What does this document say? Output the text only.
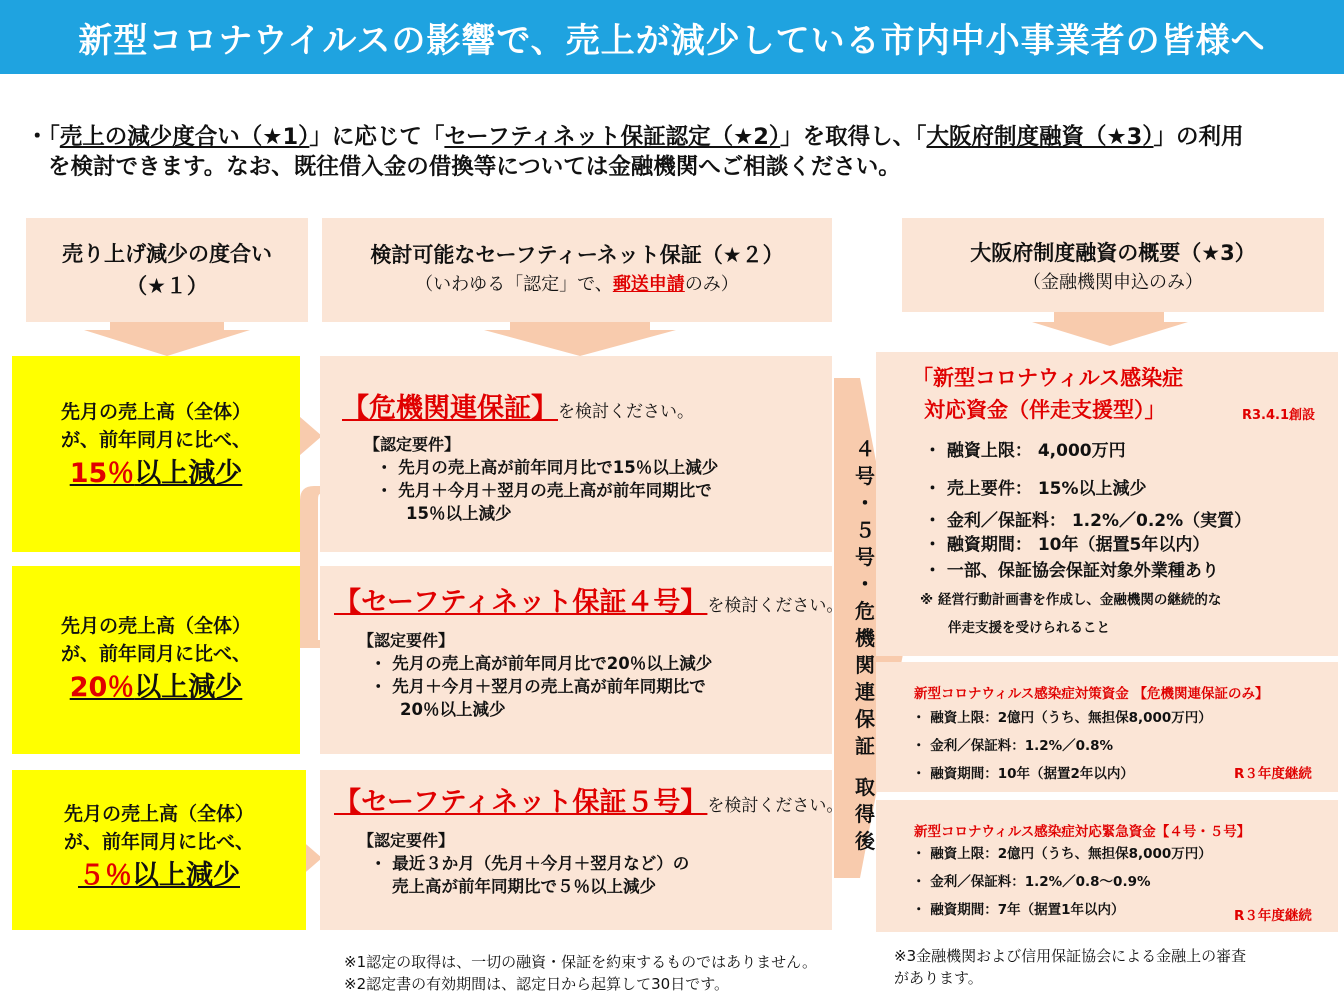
新型コロナウイルスの影響で、売上が減少している市内中小事業者の皆様へ
・「売上の減少度合い（★1）」に応じて「セーフティネット保証認定（★2）」を取得し、「大阪府制度融資（★3）」の利用
を検討できます。なお、既往借入金の借換等については金融機関へご相談ください。
売り上げ減少の度合い
（★１）
検討可能なセーフティーネット保証（★２）
（いわゆる「認定」で、郵送申請のみ）
大阪府制度融資の概要（★3）
（金融機関申込のみ）
先月の売上高（全体）
が、前年同月に比べ、
15％以上減少
先月の売上高（全体）
が、前年同月に比べ、
20％以上減少
先月の売上高（全体）
が、前年同月に比べ、
５％以上減少
【危機関連保証】を検討ください。
【認定要件】
・ 先月の売上高が前年同月比で15％以上減少
・ 先月＋今月＋翌月の売上高が前年同期比で
15％以上減少
【セーフティネット保証４号】を検討ください。
【認定要件】
・ 先月の売上高が前年同月比で20％以上減少
・ 先月＋今月＋翌月の売上高が前年同期比で
20％以上減少
【セーフティネット保証５号】を検討ください。
【認定要件】
・ 最近３か月（先月＋今月＋翌月など）の
売上高が前年同期比で５％以上減少
４
号
・
５
号
・
危
機
関
連
保
証
取
得
後
「新型コロナウィルス感染症
対応資金（伴走支援型）」	R3.4.1創設
・ 融資上限： 4,000万円
・ 売上要件： 15%以上減少
・ 金利／保証料： 1.2%／0.2%（実質）
・ 融資期間： 10年（据置5年以内）
・ 一部、保証協会保証対象外業種あり
※ 経営行動計画書を作成し、金融機関の継続的な
伴走支援を受けられること
新型コロナウィルス感染症対策資金 【危機関連保証のみ】
・ 融資上限：2億円（うち、無担保8,000万円）
・ 金利／保証料：1.2%／0.8%
・ 融資期間：10年（据置2年以内）	R３年度継続
新型コロナウィルス感染症対応緊急資金【４号・５号】
・ 融資上限：2億円（うち、無担保8,000万円）
・ 金利／保証料：1.2%／0.8～0.9%
・ 融資期間：7年（据置1年以内）	R３年度継続
※1認定の取得は、一切の融資・保証を約束するものではありません。
※2認定書の有効期間は、認定日から起算して30日です。
※3金融機関および信用保証協会による金融上の審査
があります。
